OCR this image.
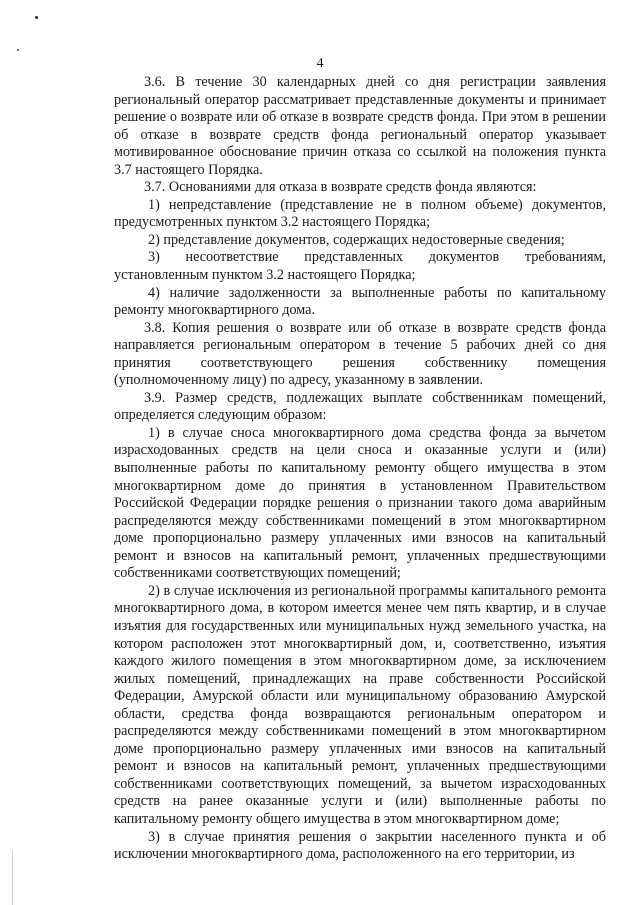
4

3.6. В течение 30 календарных дней со дня регистрации заявления региональный оператор рассматривает представленные документы и принимает решение о возврате или об отказе в возврате средств фонда. При этом в решении об отказе в возврате средств фонда региональный оператор указывает мотивированное обоснование причин отказа со ссылкой на положения пункта 3.7 настоящего Порядка.

3.7. Основаниями для отказа в возврате средств фонда являются:

1) непредставление (представление не в полном объеме) документов, предусмотренных пунктом 3.2 настоящего Порядка;

2) представление документов, содержащих недостоверные сведения;

3) несоответствие представленных документов требованиям, установленным пунктом 3.2 настоящего Порядка;

4) наличие задолженности за выполненные работы по капитальному ремонту многоквартирного дома.

3.8. Копия решения о возврате или об отказе в возврате средств фонда направляется региональным оператором в течение 5 рабочих дней со дня принятия соответствующего решения собственнику помещения (уполномоченному лицу) по адресу, указанному в заявлении.

3.9. Размер средств, подлежащих выплате собственникам помещений, определяется следующим образом:

1) в случае сноса многоквартирного дома средства фонда за вычетом израсходованных средств на цели сноса и оказанные услуги и (или) выполненные работы по капитальному ремонту общего имущества в этом многоквартирном доме до принятия в установленном Правительством Российской Федерации порядке решения о признании такого дома аварийным распределяются между собственниками помещений в этом многоквартирном доме пропорционально размеру уплаченных ими взносов на капитальный ремонт и взносов на капитальный ремонт, уплаченных предшествующими собственниками соответствующих помещений;

2) в случае исключения из региональной программы капитального ремонта многоквартирного дома, в котором имеется менее чем пять квартир, и в случае изъятия для государственных или муниципальных нужд земельного участка, на котором расположен этот многоквартирный дом, и, соответственно, изъятия каждого жилого помещения в этом многоквартирном доме, за исключением жилых помещений, принадлежащих на праве собственности Российской Федерации, Амурской области или муниципальному образованию Амурской области, средства фонда возвращаются региональным оператором и распределяются между собственниками помещений в этом многоквартирном доме пропорционально размеру уплаченных ими взносов на капитальный ремонт и взносов на капитальный ремонт, уплаченных предшествующими собственниками соответствующих помещений, за вычетом израсходованных средств на ранее оказанные услуги и (или) выполненные работы по капитальному ремонту общего имущества в этом многоквартирном доме;

3) в случае принятия решения о закрытии населенного пункта и об исключении многоквартирного дома, расположенного на его территории, из
